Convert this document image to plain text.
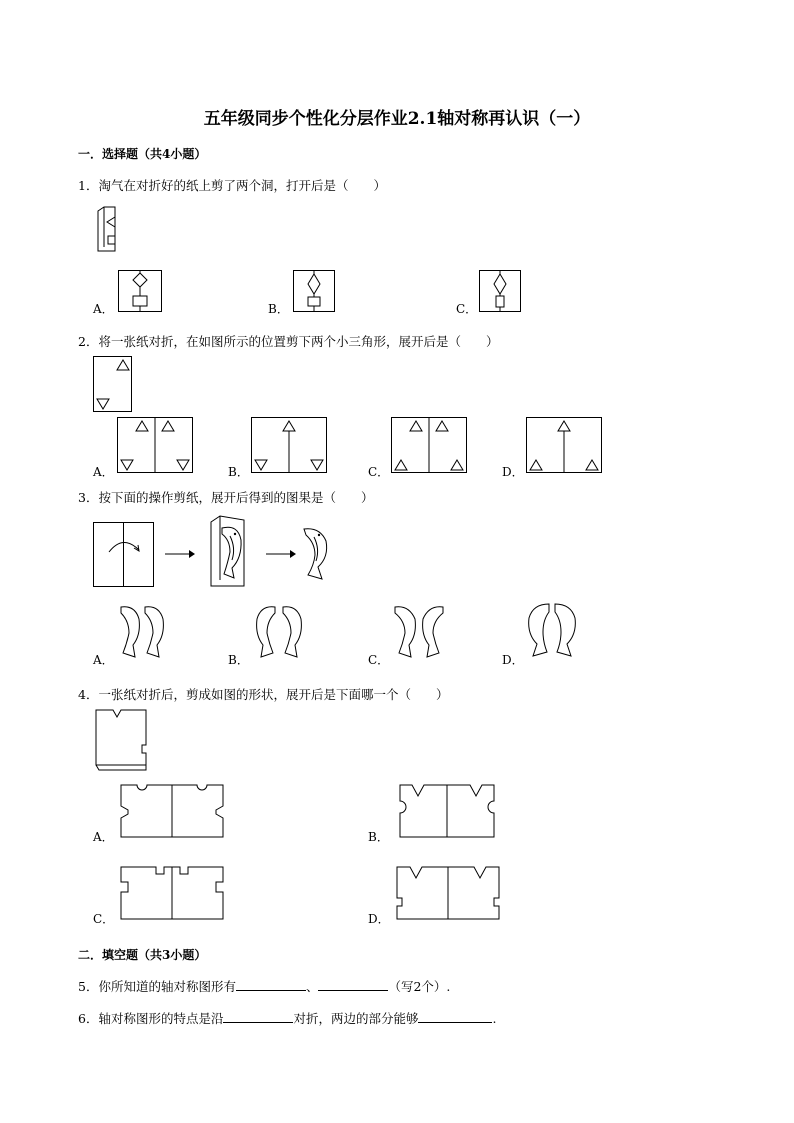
五年级同步个性化分层作业2.1轴对称再认识（一）
一．选择题（共4小题）
1．淘气在对折好的纸上剪了两个洞，打开后是（　　）
A．	B．	C．
2．将一张纸对折，在如图所示的位置剪下两个小三角形，展开后是（　　）
A．	B．	C．	D．
3．按下面的操作剪纸，展开后得到的图果是（　　）
A．	B．	C．	D．
4．一张纸对折后，剪成如图的形状，展开后是下面哪一个（　　）
A．	B．
C．	D．
二．填空题（共3小题）
5．你所知道的轴对称图形有	、	（写2个）.
6．轴对称图形的特点是沿	对折，两边的部分能够	.
